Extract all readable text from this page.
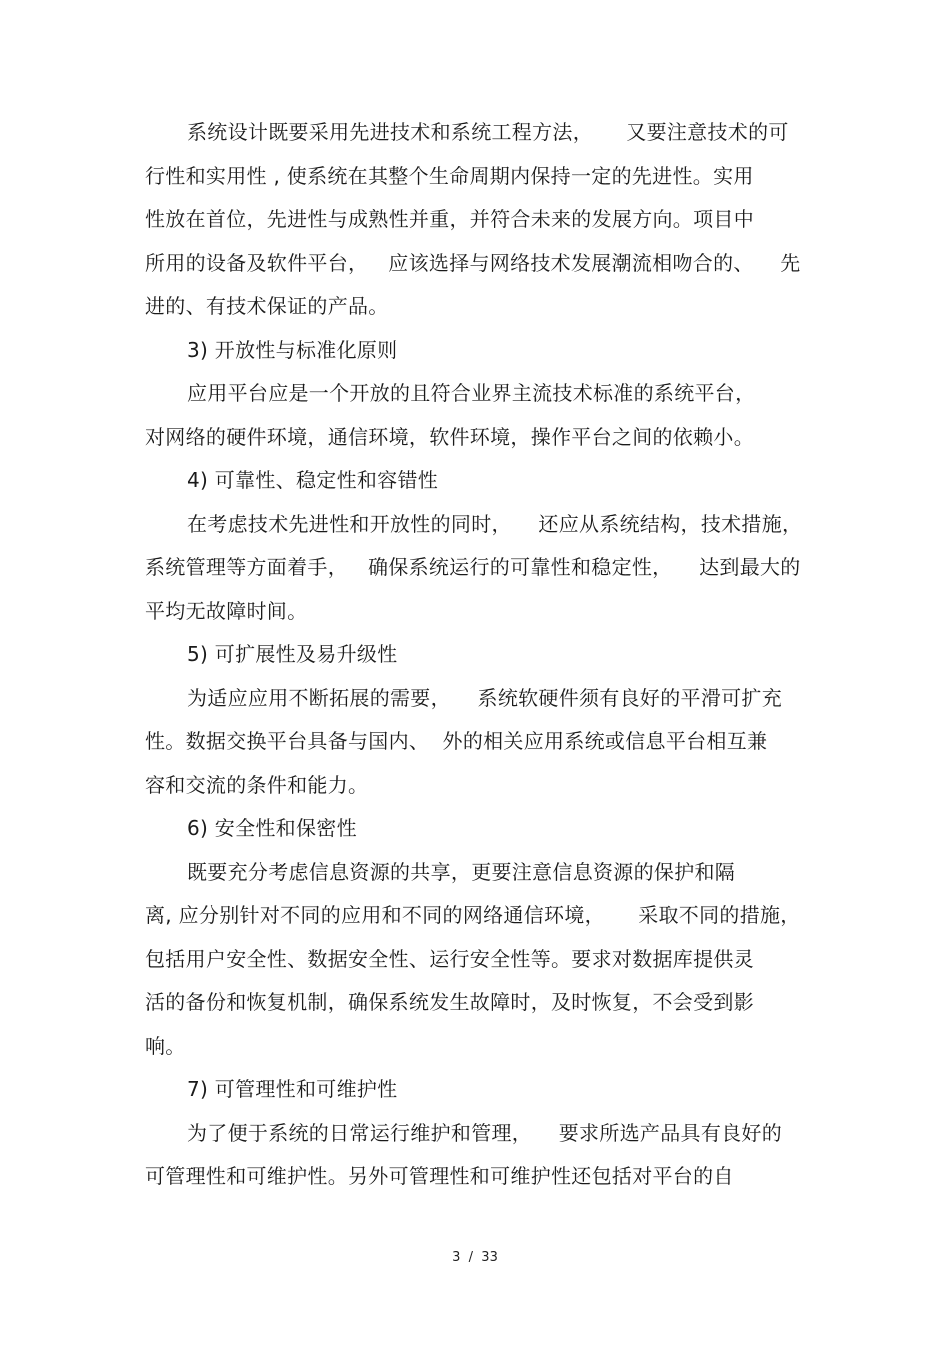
系统设计既要采用先进技术和系统工程方法，     又要注意技术的可
行性和实用性 , 使系统在其整个生命周期内保持一定的先进性。实用
性放在首位，先进性与成熟性并重，并符合未来的发展方向。项目中
所用的设备及软件平台，   应该选择与网络技术发展潮流相吻合的、    先
进的、有技术保证的产品。
3) 开放性与标准化原则
应用平台应是一个开放的且符合业界主流技术标准的系统平台，
对网络的硬件环境，通信环境，软件环境，操作平台之间的依赖小。
4) 可靠性、稳定性和容错性
在考虑技术先进性和开放性的同时，    还应从系统结构，技术措施，
系统管理等方面着手，   确保系统运行的可靠性和稳定性，    达到最大的
平均无故障时间。
5) 可扩展性及易升级性
为适应应用不断拓展的需要，    系统软硬件须有良好的平滑可扩充
性。数据交换平台具备与国内、  外的相关应用系统或信息平台相互兼
容和交流的条件和能力。
6) 安全性和保密性
既要充分考虑信息资源的共享，更要注意信息资源的保护和隔
离, 应分别针对不同的应用和不同的网络通信环境，     采取不同的措施，
包括用户安全性、数据安全性、运行安全性等。要求对数据库提供灵
活的备份和恢复机制，确保系统发生故障时，及时恢复，不会受到影
响。
7) 可管理性和可维护性
为了便于系统的日常运行维护和管理，    要求所选产品具有良好的
可管理性和可维护性。另外可管理性和可维护性还包括对平台的自
3  /  33
